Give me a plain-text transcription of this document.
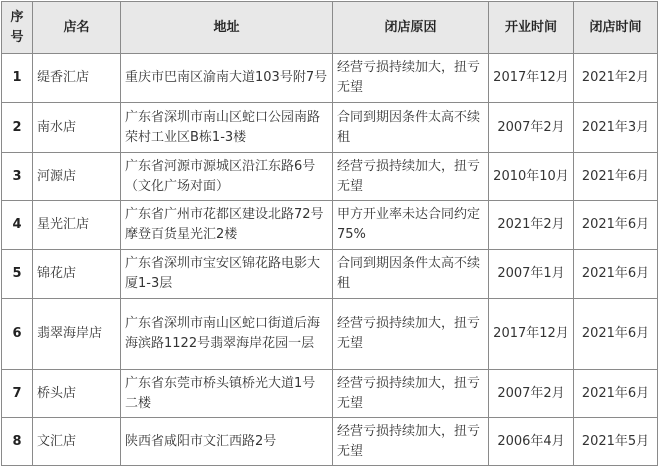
序号	店名	地址	闭店原因	开业时间	闭店时间
1	缇香汇店	重庆市巴南区渝南大道103号附7号	经营亏损持续加大，扭亏无望	2017年12月	2021年2月
2	南水店	广东省深圳市南山区蛇口公园南路荣村工业区B栋1-3楼	合同到期因条件太高不续租	2007年2月	2021年3月
3	河源店	广东省河源市源城区沿江东路6号（文化广场对面）	经营亏损持续加大，扭亏无望	2010年10月	2021年6月
4	星光汇店	广东省广州市花都区建设北路72号摩登百货星光汇2楼	甲方开业率未达合同约定75%	2021年2月	2021年6月
5	锦花店	广东省深圳市宝安区锦花路电影大厦1-3层	合同到期因条件太高不续租	2007年1月	2021年6月
6	翡翠海岸店	广东省深圳市南山区蛇口街道后海海滨路1122号翡翠海岸花园一层	经营亏损持续加大，扭亏无望	2017年12月	2021年6月
7	桥头店	广东省东莞市桥头镇桥光大道1号二楼	经营亏损持续加大，扭亏无望	2007年2月	2021年6月
8	文汇店	陕西省咸阳市文汇西路2号	经营亏损持续加大，扭亏无望	2006年4月	2021年5月
